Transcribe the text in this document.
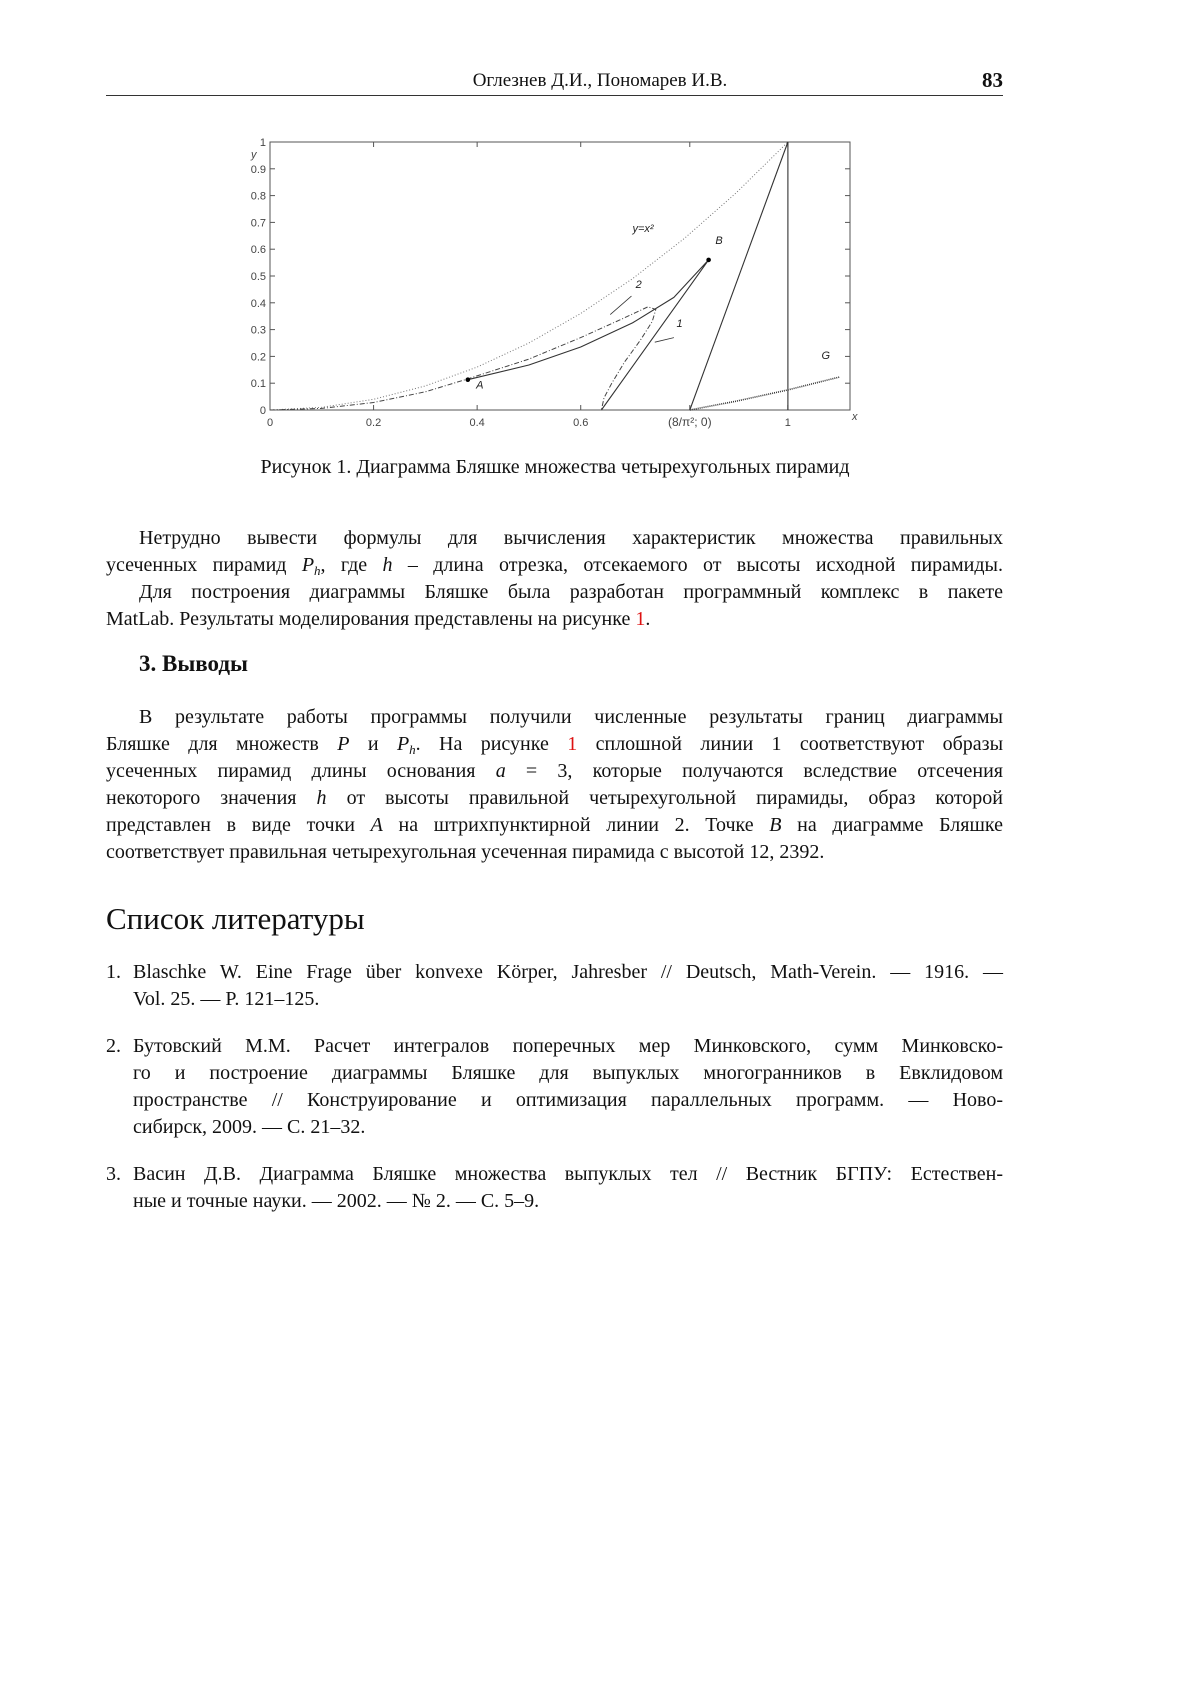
Оглезнев Д.И., Пономарев И.В.	83
0	0.2	0.4	0.6	(8/π²; 0)	1
0
0.1
0.2
0.3
0.4
0.5
0.6
0.7
0.8
0.9
1
x
y
y=x²
B
A
2
1
G
Рисунок 1. Диаграмма Бляшке множества четырехугольных пирамид
Нетрудно вывести формулы для вычисления характеристик множества правильных
усеченных пирамид Ph, где h – длина отрезка, отсекаемого от высоты исходной пирамиды.
Для построения диаграммы Бляшке была разработан программный комплекс в пакете
MatLab. Результаты моделирования представлены на рисунке 1.
3. Выводы
В результате работы программы получили численные результаты границ диаграммы
Бляшке для множеств P и Ph. На рисунке 1 сплошной линии 1 соответствуют образы
усеченных пирамид длины основания a = 3, которые получаются вследствие отсечения
некоторого значения h от высоты правильной четырехугольной пирамиды, образ которой
представлен в виде точки A на штрихпунктирной линии 2. Точке B на диаграмме Бляшке
соответствует правильная четырехугольная усеченная пирамида с высотой 12, 2392.
Список литературы
1. Blaschke W. Eine Frage über konvexe Körper, Jahresber // Deutsch, Math-Verein. — 1916. —
Vol. 25. — P. 121–125.
2. Бутовский М.М. Расчет интегралов поперечных мер Минковского, сумм Минковско-
го и построение диаграммы Бляшке для выпуклых многогранников в Евклидовом
пространстве // Конструирование и оптимизация параллельных программ. — Ново-
сибирск, 2009. — С. 21–32.
3. Васин Д.В. Диаграмма Бляшке множества выпуклых тел // Вестник БГПУ: Естествен-
ные и точные науки. — 2002. — № 2. — С. 5–9.
